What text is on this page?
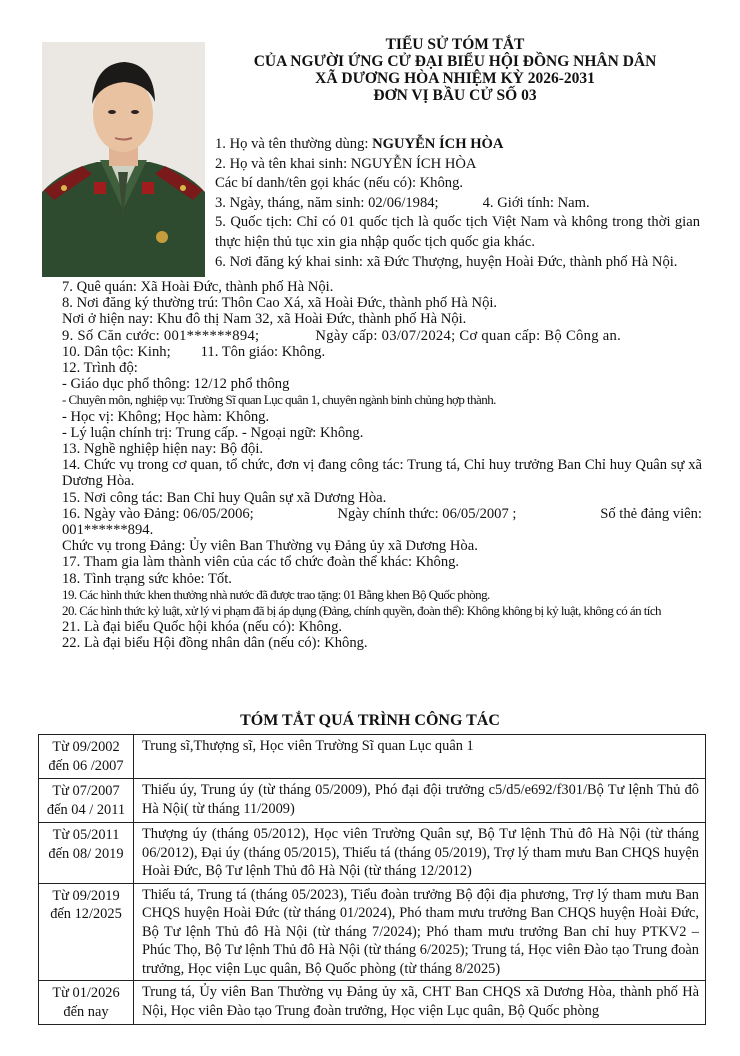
TIỂU SỬ TÓM TẮT
CỦA NGƯỜI ỨNG CỬ ĐẠI BIỂU HỘI ĐỒNG NHÂN DÂN
XÃ DƯƠNG HÒA NHIỆM KỲ 2026-2031
ĐƠN VỊ BẦU CỬ SỐ 03
1. Họ và tên thường dùng: NGUYỄN ÍCH HÒA
2. Họ và tên khai sinh: NGUYỄN ÍCH HÒA
Các bí danh/tên gọi khác (nếu có): Không.
3. Ngày, tháng, năm sinh: 02/06/1984;	4. Giới tính: Nam.
5. Quốc tịch: Chỉ có 01 quốc tịch là quốc tịch Việt Nam và không trong thời gian thực hiện thủ tục xin gia nhập quốc tịch quốc gia khác.
6. Nơi đăng ký khai sinh: xã Đức Thượng, huyện Hoài Đức, thành phố Hà Nội.
7. Quê quán: Xã Hoài Đức, thành phố Hà Nội.
8. Nơi đăng ký thường trú: Thôn Cao Xá, xã Hoài Đức, thành phố Hà Nội.
Nơi ở hiện nay: Khu đô thị Nam 32, xã Hoài Đức, thành phố Hà Nội.
9. Số Căn cước: 001******894;	Ngày cấp: 03/07/2024; Cơ quan cấp: Bộ Công an.
10. Dân tộc: Kinh; 11. Tôn giáo: Không.
12. Trình độ:
- Giáo dục phổ thông: 12/12 phổ thông
- Chuyên môn, nghiệp vụ: Trường Sĩ quan Lục quân 1, chuyên ngành binh chủng hợp thành.
- Học vị: Không; Học hàm: Không.
- Lý luận chính trị: Trung cấp. - Ngoại ngữ: Không.
13. Nghề nghiệp hiện nay: Bộ đội.
14. Chức vụ trong cơ quan, tổ chức, đơn vị đang công tác: Trung tá, Chỉ huy trưởng Ban Chỉ huy Quân sự xã Dương Hòa.
15. Nơi công tác: Ban Chỉ huy Quân sự xã Dương Hòa.
16. Ngày vào Đảng: 06/05/2006;	Ngày chính thức: 06/05/2007 ;	Số thẻ đảng viên:
001******894.
Chức vụ trong Đảng: Ủy viên Ban Thường vụ Đảng ủy xã Dương Hòa.
17. Tham gia làm thành viên của các tổ chức đoàn thể khác: Không.
18. Tình trạng sức khỏe: Tốt.
19. Các hình thức khen thưởng nhà nước đã được trao tặng: 01 Bằng khen Bộ Quốc phòng.
20. Các hình thức kỷ luật, xử lý vi phạm đã bị áp dụng (Đảng, chính quyền, đoàn thể): Không không bị kỷ luật, không có án tích
21. Là đại biểu Quốc hội khóa (nếu có): Không.
22. Là đại biểu Hội đồng nhân dân (nếu có): Không.
TÓM TẮT QUÁ TRÌNH CÔNG TÁC
Từ 09/2002
đến 06 /2007	Trung sĩ,Thượng sĩ, Học viên Trường Sĩ quan Lục quân 1

Từ 07/2007
đến 04 / 2011	Thiếu úy, Trung úy (từ tháng 05/2009), Phó đại đội trưởng c5/d5/e692/f301/Bộ Tư lệnh Thủ đô Hà Nội( từ tháng 11/2009)

Từ 05/2011
đến 08/ 2019	Thượng úy (tháng 05/2012), Học viên Trường Quân sự, Bộ Tư lệnh Thủ đô Hà Nội (từ tháng 06/2012), Đại úy (tháng 05/2015), Thiếu tá (tháng 05/2019), Trợ lý tham mưu Ban CHQS huyện Hoài Đức, Bộ Tư lệnh Thủ đô Hà Nội (từ tháng 12/2012)

Từ 09/2019
đến 12/2025	Thiếu tá, Trung tá (tháng 05/2023), Tiểu đoàn trưởng Bộ đội địa phương, Trợ lý tham mưu Ban CHQS huyện Hoài Đức (từ tháng 01/2024), Phó tham mưu trưởng Ban CHQS huyện Hoài Đức, Bộ Tư lệnh Thủ đô Hà Nội (từ tháng 7/2024); Phó tham mưu trưởng Ban chỉ huy PTKV2 – Phúc Thọ, Bộ Tư lệnh Thủ đô Hà Nội (từ tháng 6/2025); Trung tá, Học viên Đào tạo Trung đoàn trưởng, Học viện Lục quân, Bộ Quốc phòng (từ tháng 8/2025)

Từ 01/2026
đến nay	Trung tá, Ủy viên Ban Thường vụ Đảng ủy xã, CHT Ban CHQS xã Dương Hòa, thành phố Hà Nội, Học viên Đào tạo Trung đoàn trưởng, Học viện Lục quân, Bộ Quốc phòng
